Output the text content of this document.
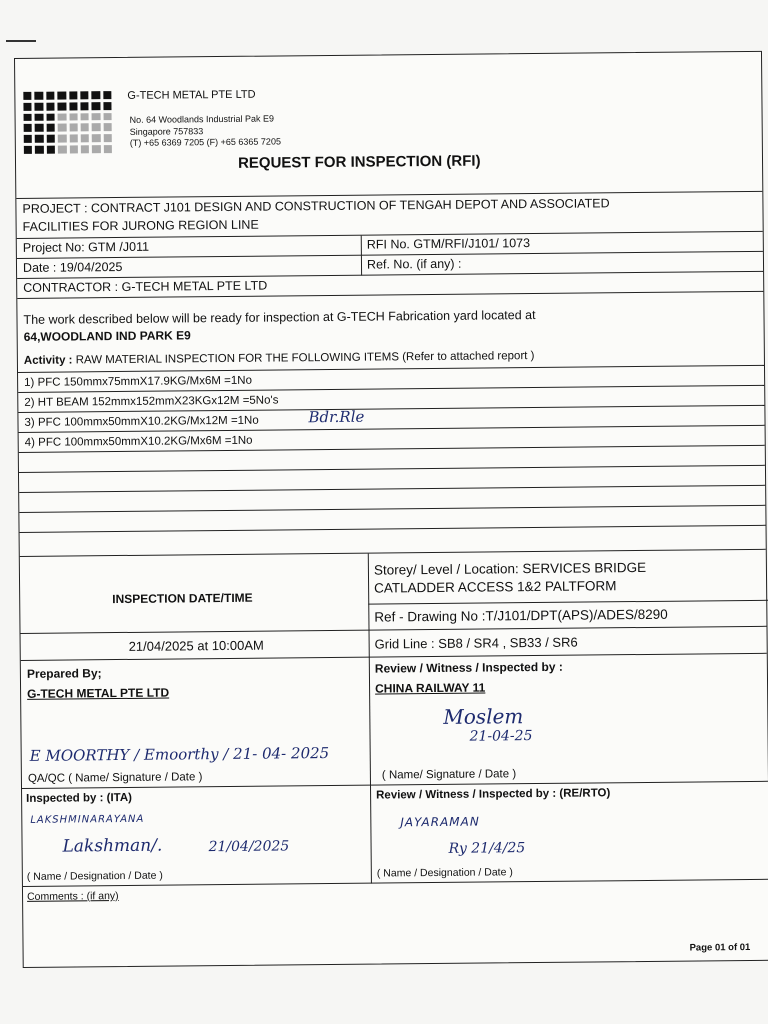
G-TECH METAL PTE LTD
No. 64 Woodlands Industrial Pak E9
Singapore 757833
(T) +65 6369 7205 (F) +65 6365 7205
REQUEST FOR INSPECTION (RFI)
PROJECT : CONTRACT J101 DESIGN AND CONSTRUCTION OF TENGAH DEPOT AND ASSOCIATED
FACILITIES FOR JURONG REGION LINE
Project No: GTM /J011	RFI No. GTM/RFI/J101/ 1073
Date : 19/04/2025	Ref. No. (if any) :
CONTRACTOR : G-TECH METAL PTE LTD
The work described below will be ready for inspection at G-TECH Fabrication yard located at
64,WOODLAND IND PARK E9
Activity : RAW MATERIAL INSPECTION FOR THE FOLLOWING ITEMS (Refer to attached report )
1) PFC 150mmx75mmX17.9KG/Mx6M =1No
2) HT BEAM 152mmx152mmX23KGx12M =5No's
3) PFC 100mmx50mmX10.2KG/Mx12M =1No	Bdr.Rle
4) PFC 100mmx50mmX10.2KG/Mx6M =1No
INSPECTION DATE/TIME
Storey/ Level / Location: SERVICES BRIDGE
CATLADDER ACCESS 1&2 PALTFORM
Ref - Drawing No :T/J101/DPT(APS)/ADES/8290
21/04/2025 at 10:00AM	Grid Line : SB8 / SR4 , SB33 / SR6
Prepared By;
G-TECH METAL PTE LTD
E MOORTHY / Emoorthy / 21- 04- 2025
QA/QC ( Name/ Signature / Date )
Review / Witness / Inspected by :
CHINA RAILWAY 11
Moslem
21-04-25
( Name/ Signature / Date )
Inspected by : (ITA)
LAKSHMINARAYANA
Lakshman/.	21/04/2025
( Name / Designation / Date )
Review / Witness / Inspected by : (RE/RTO)
JAYARAMAN
Ry 21/4/25
( Name / Designation / Date )
Comments : (if any)
Page 01 of 01
